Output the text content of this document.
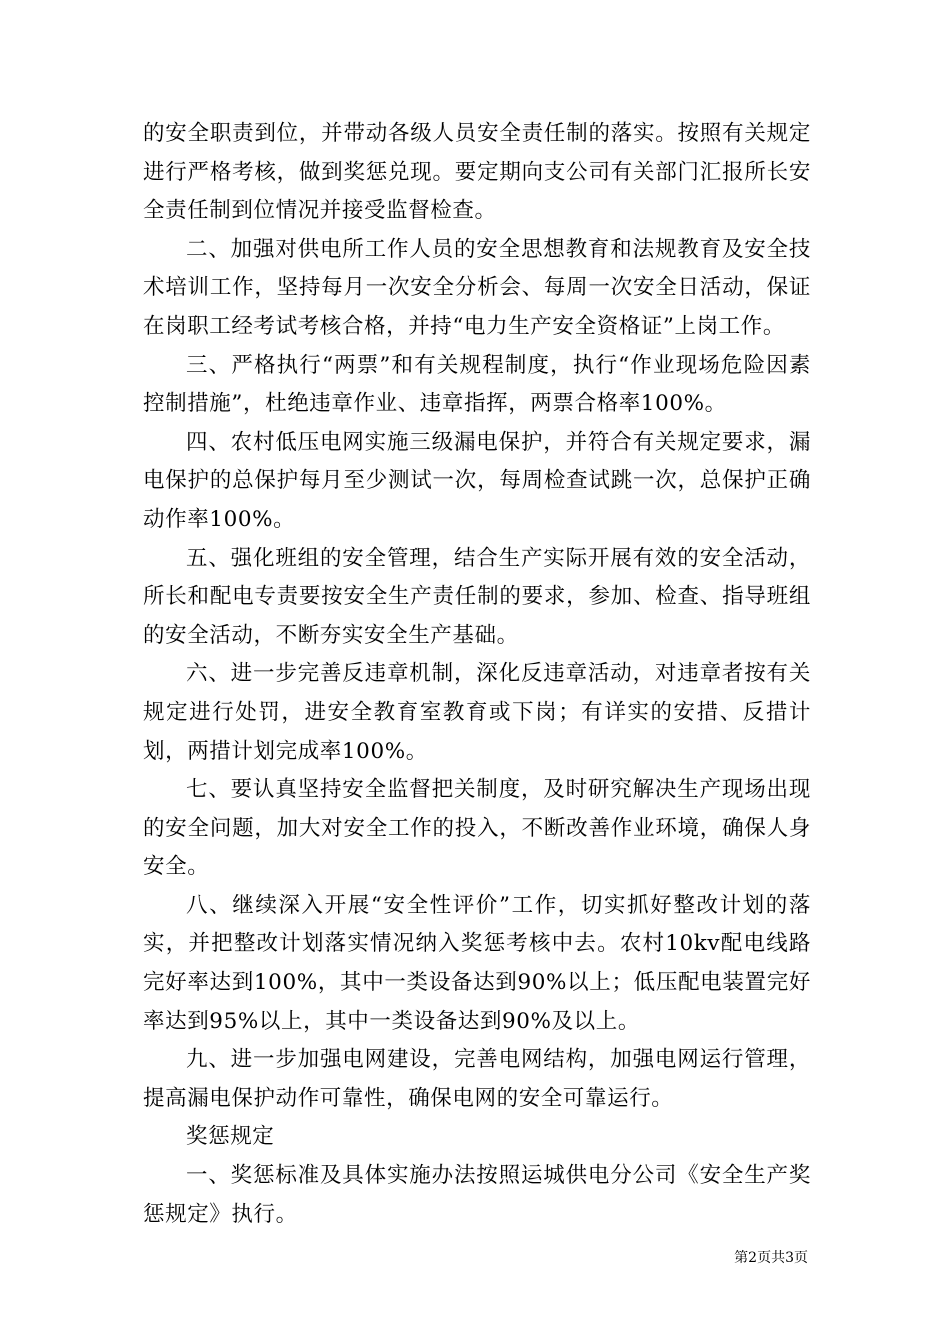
的安全职责到位，并带动各级人员安全责任制的落实。按照有关规定进行严格考核，做到奖惩兑现。要定期向支公司有关部门汇报所长安全责任制到位情况并接受监督检查。

二、加强对供电所工作人员的安全思想教育和法规教育及安全技术培训工作，坚持每月一次安全分析会、每周一次安全日活动，保证在岗职工经考试考核合格，并持“电力生产安全资格证”上岗工作。

三、严格执行“两票”和有关规程制度，执行“作业现场危险因素控制措施”，杜绝违章作业、违章指挥，两票合格率100%。

四、农村低压电网实施三级漏电保护，并符合有关规定要求，漏电保护的总保护每月至少测试一次，每周检查试跳一次，总保护正确动作率100%。

五、强化班组的安全管理，结合生产实际开展有效的安全活动，所长和配电专责要按安全生产责任制的要求，参加、检查、指导班组的安全活动，不断夯实安全生产基础。

六、进一步完善反违章机制，深化反违章活动，对违章者按有关规定进行处罚，进安全教育室教育或下岗；有详实的安措、反措计划，两措计划完成率100%。

七、要认真坚持安全监督把关制度，及时研究解决生产现场出现的安全问题，加大对安全工作的投入，不断改善作业环境，确保人身安全。

八、继续深入开展“安全性评价”工作，切实抓好整改计划的落实，并把整改计划落实情况纳入奖惩考核中去。农村10kv配电线路完好率达到100%，其中一类设备达到90%以上；低压配电装置完好率达到95%以上，其中一类设备达到90%及以上。

九、进一步加强电网建设，完善电网结构，加强电网运行管理，提高漏电保护动作可靠性，确保电网的安全可靠运行。

奖惩规定

一、奖惩标准及具体实施办法按照运城供电分公司《安全生产奖惩规定》执行。

第2页共3页
